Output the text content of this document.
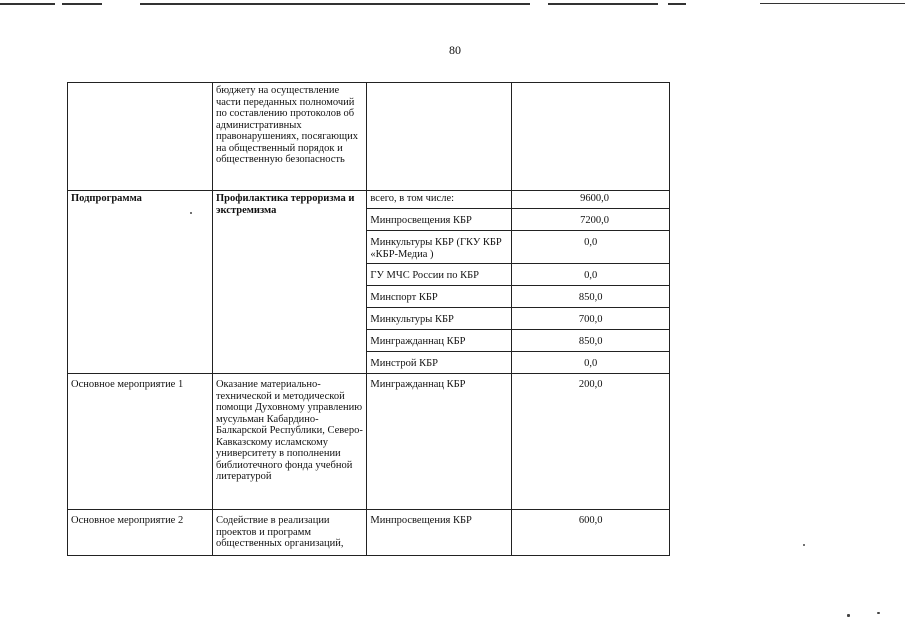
80
	бюджету на осуществление части переданных полномочий по составлению протоколов об административных правонарушениях, посягающих на общественный порядок и общественную безопасность		
Подпрограмма	Профилактика терроризма и экстремизма	всего, в том числе:	9600,0
		Минпросвещения КБР	7200,0
		Минкультуры КБР (ГКУ КБР «КБР-Медиа )	0,0
		ГУ МЧС России по КБР	0,0
		Минспорт КБР	850,0
		Минкультуры КБР	700,0
		Мингражданнац КБР	850,0
		Минстрой КБР	0,0
Основное мероприятие 1	Оказание материально-технической и методической помощи Духовному управлению мусульман Кабардино-Балкарской Республики, Северо-Кавказскому исламскому университету в пополнении библиотечного фонда учебной литературой	Мингражданнац КБР	200,0
Основное мероприятие 2	Содействие в реализации проектов и программ общественных организаций,	Минпросвещения КБР	600,0
